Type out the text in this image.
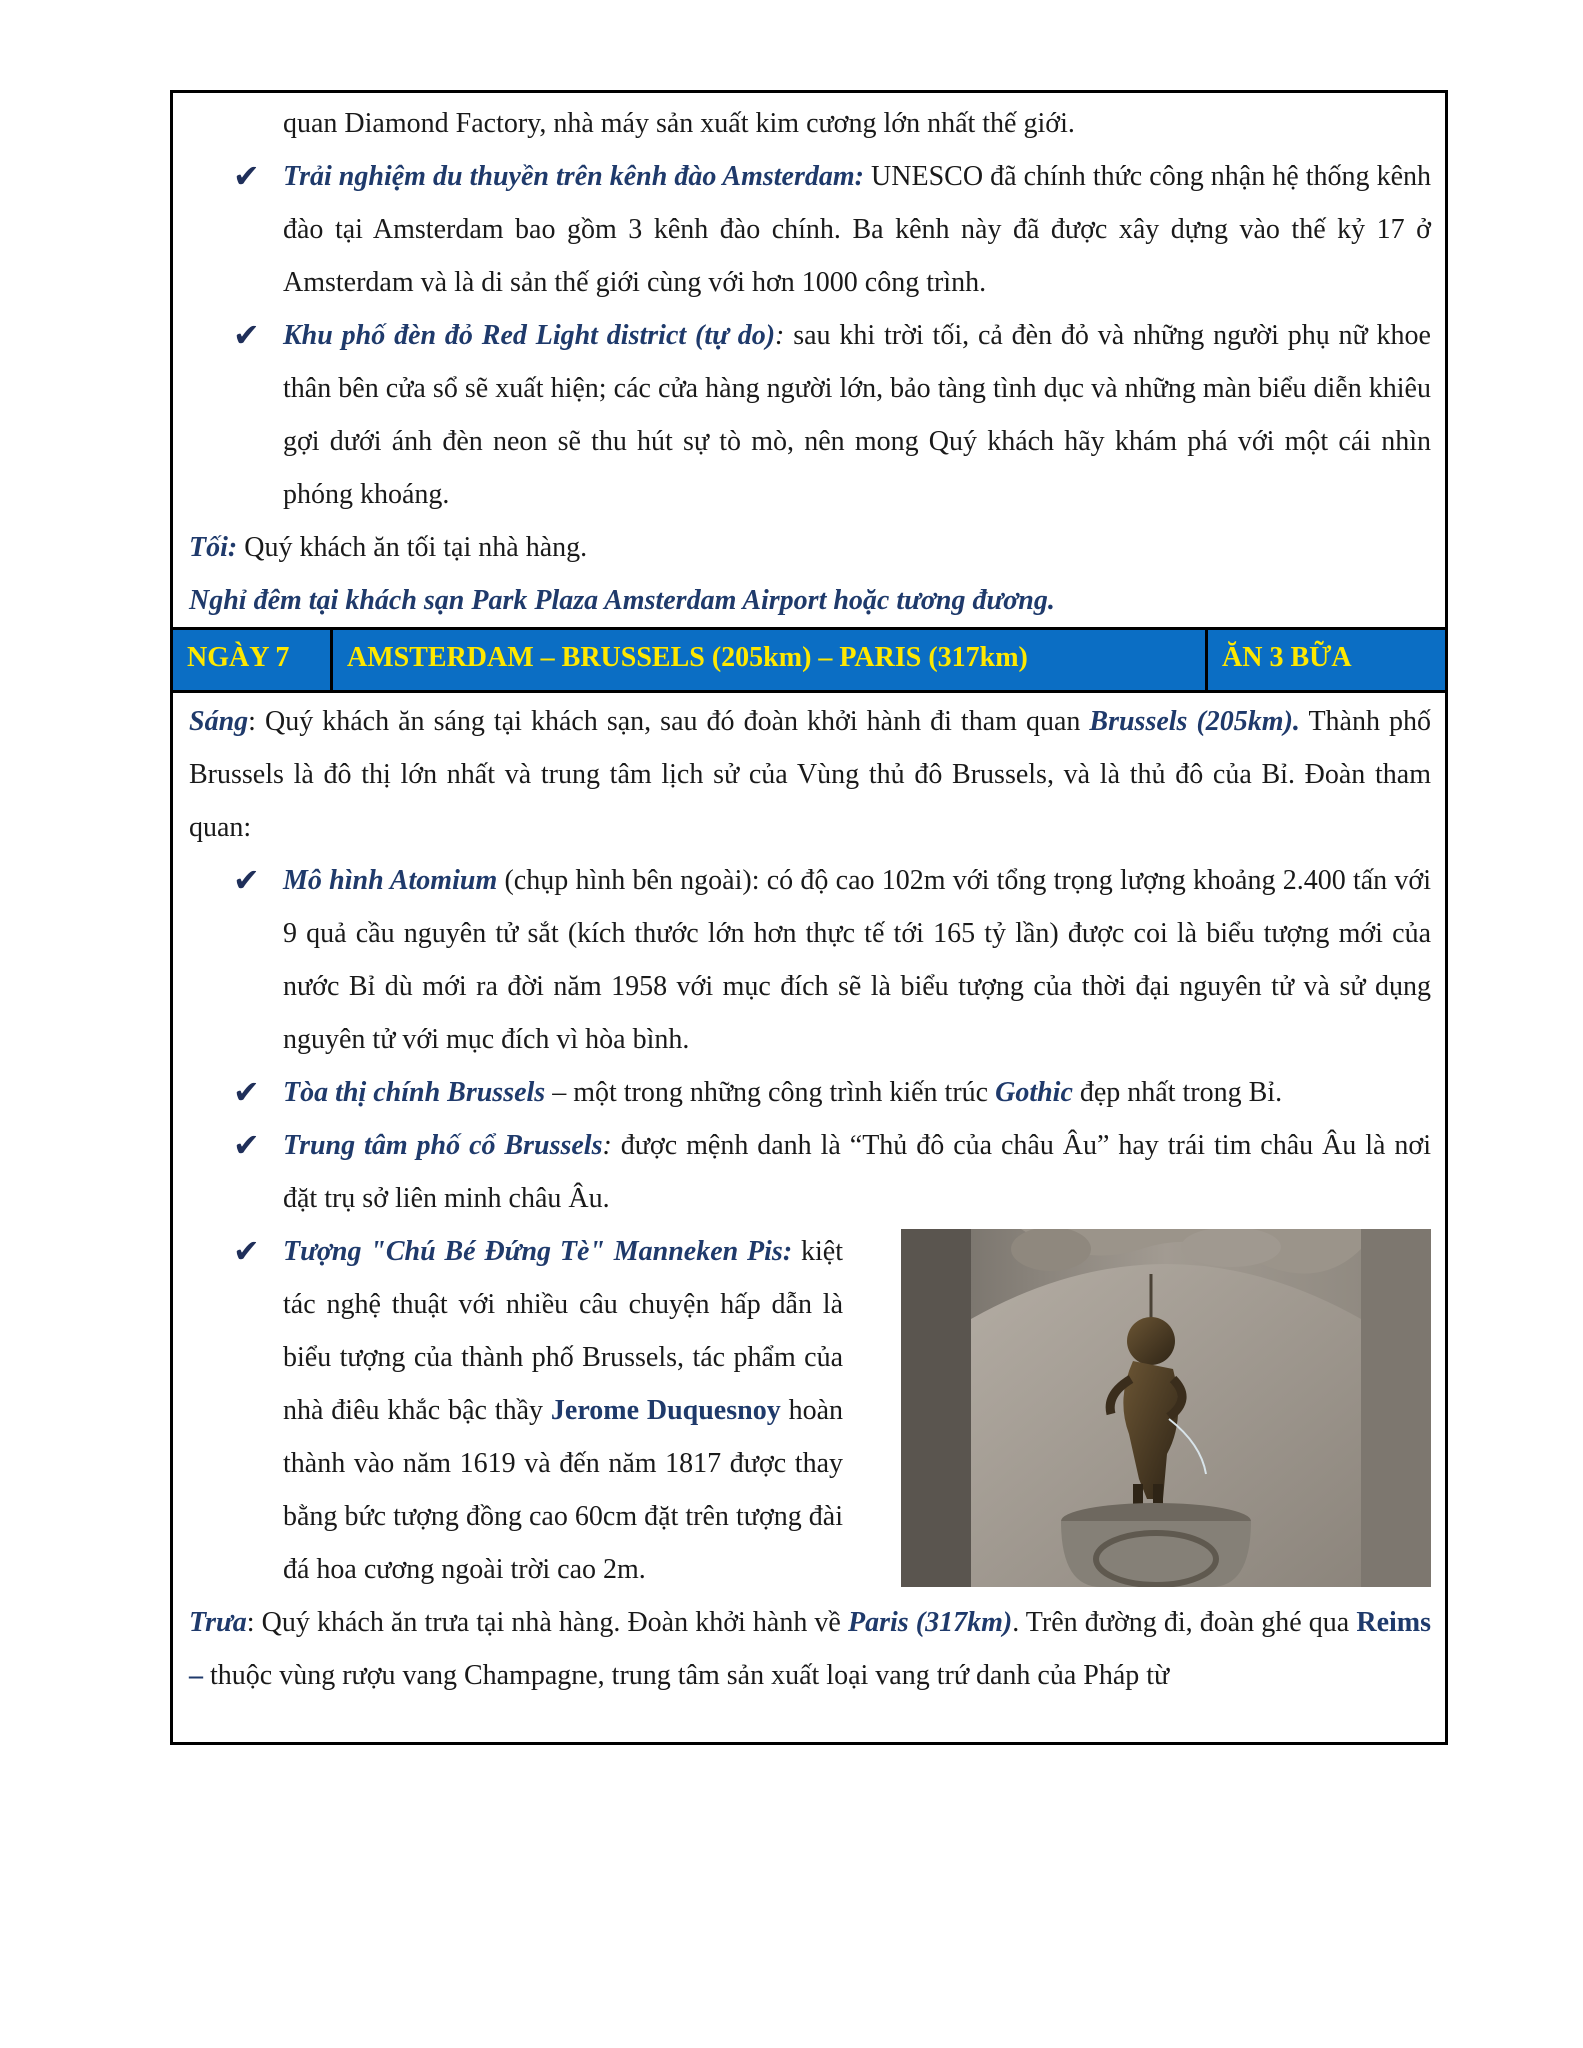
quan Diamond Factory, nhà máy sản xuất kim cương lớn nhất thế giới.
✔ Trải nghiệm du thuyền trên kênh đào Amsterdam: UNESCO đã chính thức công nhận hệ thống kênh đào tại Amsterdam bao gồm 3 kênh đào chính. Ba kênh này đã được xây dựng vào thế kỷ 17 ở Amsterdam và là di sản thế giới cùng với hơn 1000 công trình.
✔ Khu phố đèn đỏ Red Light district (tự do): sau khi trời tối, cả đèn đỏ và những người phụ nữ khoe thân bên cửa sổ sẽ xuất hiện; các cửa hàng người lớn, bảo tàng tình dục và những màn biểu diễn khiêu gợi dưới ánh đèn neon sẽ thu hút sự tò mò, nên mong Quý khách hãy khám phá với một cái nhìn phóng khoáng.
Tối: Quý khách ăn tối tại nhà hàng.
Nghỉ đêm tại khách sạn Park Plaza Amsterdam Airport hoặc tương đương.
NGÀY 7	AMSTERDAM – BRUSSELS (205km) – PARIS (317km)	ĂN 3 BỮA
Sáng: Quý khách ăn sáng tại khách sạn, sau đó đoàn khởi hành đi tham quan Brussels (205km). Thành phố Brussels là đô thị lớn nhất và trung tâm lịch sử của Vùng thủ đô Brussels, và là thủ đô của Bỉ. Đoàn tham quan:
✔ Mô hình Atomium (chụp hình bên ngoài): có độ cao 102m với tổng trọng lượng khoảng 2.400 tấn với 9 quả cầu nguyên tử sắt (kích thước lớn hơn thực tế tới 165 tỷ lần) được coi là biểu tượng mới của nước Bỉ dù mới ra đời năm 1958 với mục đích sẽ là biểu tượng của thời đại nguyên tử và sử dụng nguyên tử với mục đích vì hòa bình.
✔ Tòa thị chính Brussels – một trong những công trình kiến trúc Gothic đẹp nhất trong Bỉ.
✔ Trung tâm phố cổ Brussels: được mệnh danh là “Thủ đô của châu Âu” hay trái tim châu Âu là nơi đặt trụ sở liên minh châu Âu.
✔ Tượng "Chú Bé Đứng Tè" Manneken Pis: kiệt tác nghệ thuật với nhiều câu chuyện hấp dẫn là biểu tượng của thành phố Brussels, tác phẩm của nhà điêu khắc bậc thầy Jerome Duquesnoy hoàn thành vào năm 1619 và đến năm 1817 được thay bằng bức tượng đồng cao 60cm đặt trên tượng đài đá hoa cương ngoài trời cao 2m.
Trưa: Quý khách ăn trưa tại nhà hàng. Đoàn khởi hành về Paris (317km). Trên đường đi, đoàn ghé qua Reims – thuộc vùng rượu vang Champagne, trung tâm sản xuất loại vang trứ danh của Pháp từ
